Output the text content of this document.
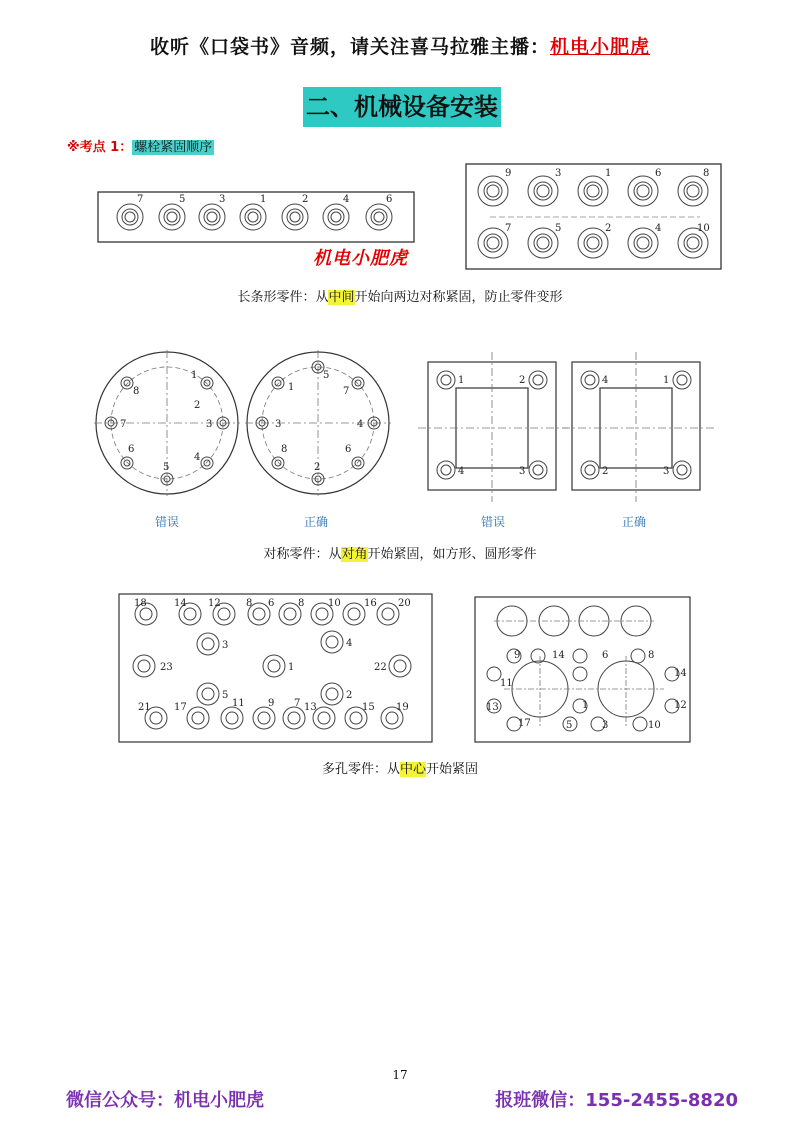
收听《口袋书》音频，请关注喜马拉雅主播：机电小肥虎
二、机械设备安装
※考点 1： 螺栓紧固顺序
7	5	3	1	2	4	6
9	3	1	6	8
7	5	2	4	10
机电小肥虎
长条形零件：从中间开始向两边对称紧固，防止零件变形
8
1
2
3
4
5
6
7
1	7
3
6
4
5
8
2
1	2
3
4
4	1
3
2
错误	正确	错误	正确
对称零件：从对角开始紧固，如方形、圆形零件
18	14 12	8 6 8 10 16 20
3	4
23	1	22
5	2
21 17	11 9 7 13	15 19
9	14	6	8
11
13
14
12
17	5
1
3	10
多孔零件：从中心开始紧固
17
微信公众号：机电小肥虎	报班微信：155-2455-8820
